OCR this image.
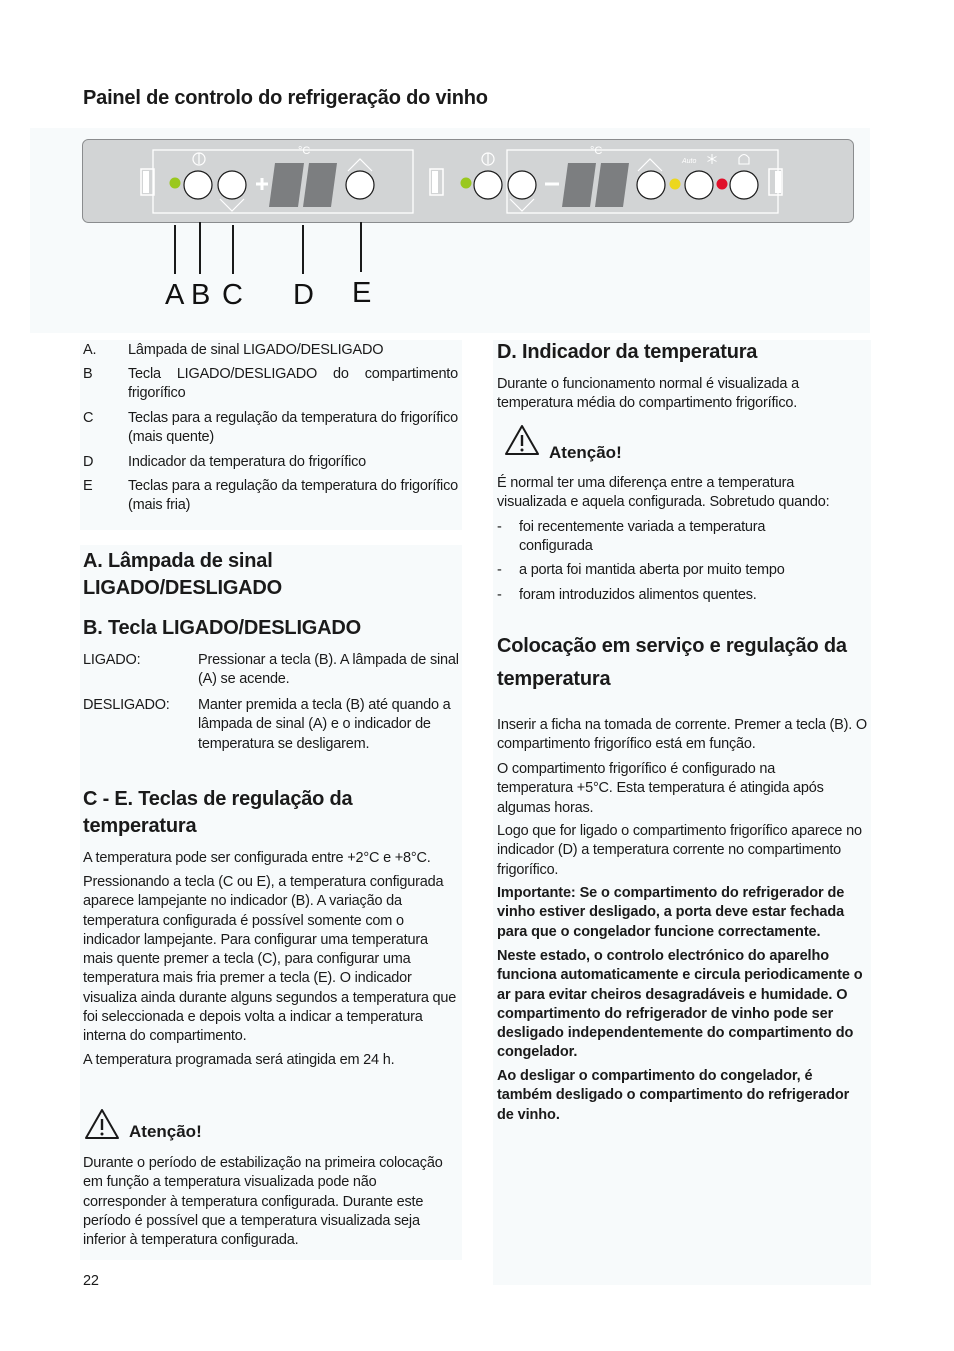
Painel de controlo do refrigeração do vinho
°C	°C
Auto
A B C D E
A. Lâmpada de sinal LIGADO/DESLIGADO
B Tecla LIGADO/DESLIGADO do compartimento frigorífico
C Teclas para a regulação da temperatura do frigorífico (mais quente)
D Indicador da temperatura do frigorífico
E Teclas para a regulação da temperatura do frigorífico (mais fria)
A. Lâmpada de sinal LIGADO/DESLIGADO
B. Tecla LIGADO/DESLIGADO
LIGADO:	Pressionar a tecla (B). A lâmpada de sinal (A) se acende.
DESLIGADO: Manter premida a tecla (B) até quando a lâmpada de sinal (A) e o indicador de temperatura se desligarem.
C - E. Teclas de regulação da temperatura
A temperatura pode ser configurada entre +2°C e +8°C.
Pressionando a tecla (C ou E), a temperatura configurada aparece lampejante no indicador (B). A variação da temperatura configurada é possível somente com o indicador lampejante. Para configurar uma temperatura mais quente premer a tecla (C), para configurar uma temperatura mais fria premer a tecla (E). O indicador visualiza ainda durante alguns segundos a temperatura que foi seleccionada e depois volta a indicar a temperatura interna do compartimento.
A temperatura programada será atingida em 24 h.
Atenção!
Durante o período de estabilização na primeira colocação em função a temperatura visualizada pode não corresponder à temperatura configurada. Durante este período é possível que a temperatura visualizada seja inferior à temperatura configurada.
22
D. Indicador da temperatura
Durante o funcionamento normal é visualizada a temperatura média do compartimento frigorífico.
Atenção!
É normal ter uma diferença entre a temperatura visualizada e aquela configurada. Sobretudo quando:
- foi recentemente variada a temperatura configurada
- a porta foi mantida aberta por muito tempo
- foram introduzidos alimentos quentes.
Colocação em serviço e regulação da temperatura
Inserir a ficha na tomada de corrente. Premer a tecla (B). O compartimento frigorífico está em função.
O compartimento frigorífico é configurado na temperatura +5°C. Esta temperatura é atingida após algumas horas.
Logo que for ligado o compartimento frigorífico aparece no indicador (D) a temperatura corrente no compartimento frigorífico.
Importante: Se o compartimento do refrigerador de vinho estiver desligado, a porta deve estar fechada para que o congelador funcione correctamente.
Neste estado, o controlo electrónico do aparelho funciona automaticamente e circula periodicamente o ar para evitar cheiros desagradáveis e humidade. O compartimento do refrigerador de vinho pode ser desligado independentemente do compartimento do congelador.
Ao desligar o compartimento do congelador, é também desligado o compartimento do refrigerador de vinho.
